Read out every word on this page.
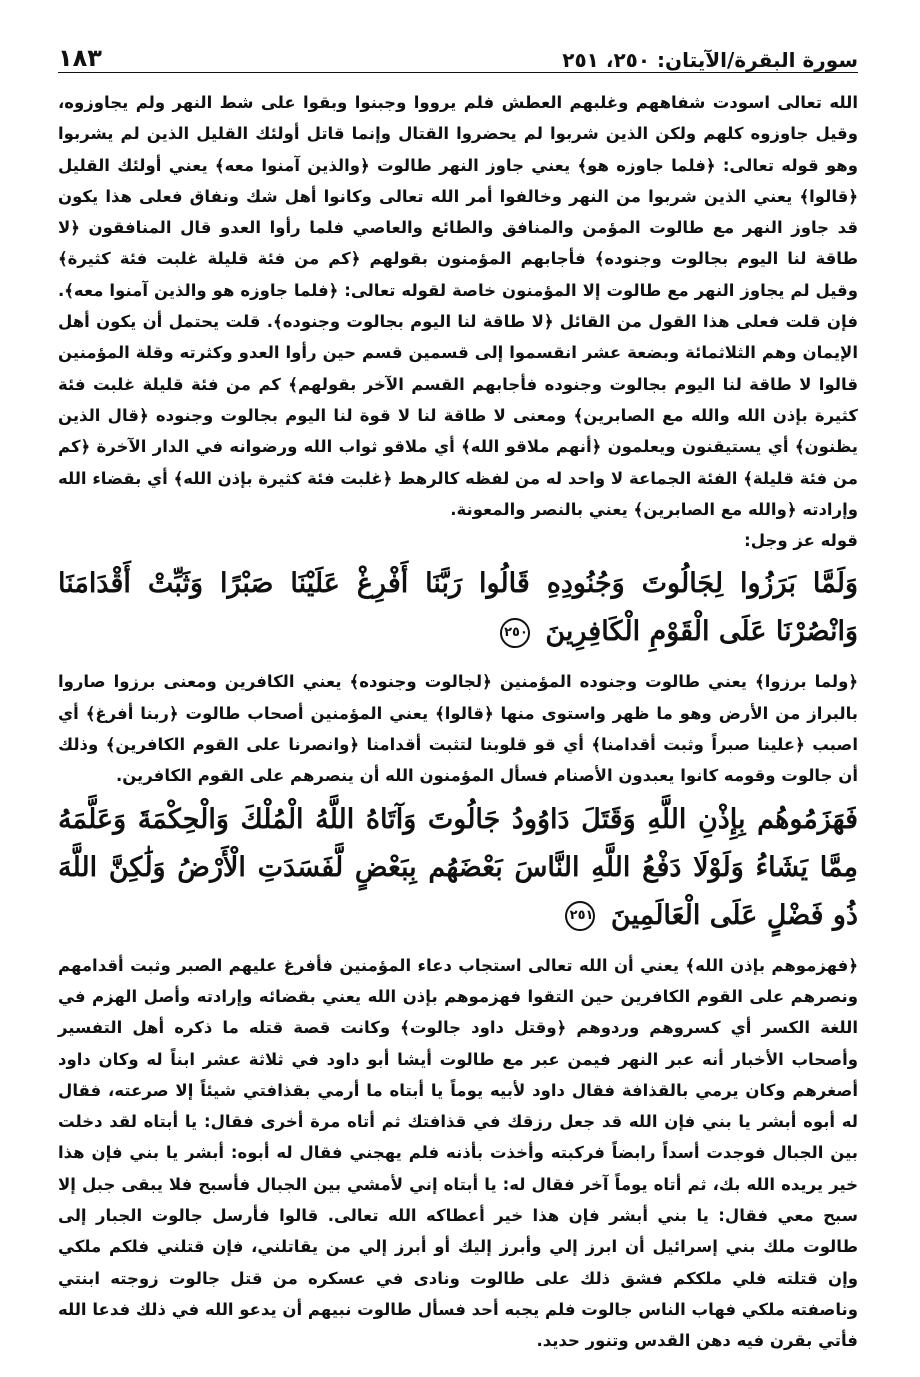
سورة البقرة/الآيتان: ٢٥٠، ٢٥١
١٨٣

الله تعالى اسودت شفاههم وغلبهم العطش فلم يرووا وجبنوا وبقوا على شط النهر ولم يجاوزوه، وقيل جاوزوه كلهم ولكن الذين شربوا لم يحضروا القتال وإنما قاتل أولئك القليل الذين لم يشربوا وهو قوله تعالى: ﴿فلما جاوزه هو﴾ يعني جاوز النهر طالوت ﴿والذين آمنوا معه﴾ يعني أولئك القليل ﴿قالوا﴾ يعني الذين شربوا من النهر وخالفوا أمر الله تعالى وكانوا أهل شك ونفاق فعلى هذا يكون قد جاوز النهر مع طالوت المؤمن والمنافق والطائع والعاصي فلما رأوا العدو قال المنافقون ﴿لا طاقة لنا اليوم بجالوت وجنوده﴾ فأجابهم المؤمنون بقولهم ﴿كم من فئة قليلة غلبت فئة كثيرة﴾ وقيل لم يجاوز النهر مع طالوت إلا المؤمنون خاصة لقوله تعالى: ﴿فلما جاوزه هو والذين آمنوا معه﴾. فإن قلت فعلى هذا القول من القائل ﴿لا طاقة لنا اليوم بجالوت وجنوده﴾. قلت يحتمل أن يكون أهل الإيمان وهم الثلاثمائة وبضعة عشر انقسموا إلى قسمين قسم حين رأوا العدو وكثرته وقلة المؤمنين قالوا لا طاقة لنا اليوم بجالوت وجنوده فأجابهم القسم الآخر بقولهم﴾ كم من فئة قليلة غلبت فئة كثيرة بإذن الله والله مع الصابرين﴾ ومعنى لا طاقة لنا لا قوة لنا اليوم بجالوت وجنوده ﴿قال الذين يظنون﴾ أي يستيقنون ويعلمون ﴿أنهم ملاقو الله﴾ أي ملاقو ثواب الله ورضوانه في الدار الآخرة ﴿كم من فئة قليلة﴾ الفئة الجماعة لا واحد له من لفظه كالرهط ﴿غلبت فئة كثيرة بإذن الله﴾ أي بقضاء الله وإرادته ﴿والله مع الصابرين﴾ يعني بالنصر والمعونة.

قوله عز وجل:

وَلَمَّا بَرَزُوا لِجَالُوتَ وَجُنُودِهِ قَالُوا رَبَّنَا أَفْرِغْ عَلَيْنَا صَبْرًا وَثَبِّتْ أَقْدَامَنَا وَانْصُرْنَا عَلَى الْقَوْمِ الْكَافِرِينَ ٢٥٠

﴿ولما برزوا﴾ يعني طالوت وجنوده المؤمنين ﴿لجالوت وجنوده﴾ يعني الكافرين ومعنى برزوا صاروا بالبراز من الأرض وهو ما ظهر واستوى منها ﴿قالوا﴾ يعني المؤمنين أصحاب طالوت ﴿ربنا أفرغ﴾ أي اصبب ﴿علينا صبراً وثبت أقدامنا﴾ أي قو قلوبنا لتثبت أقدامنا ﴿وانصرنا على القوم الكافرين﴾ وذلك أن جالوت وقومه كانوا يعبدون الأصنام فسأل المؤمنون الله أن ينصرهم على القوم الكافرين.

فَهَزَمُوهُم بِإِذْنِ اللَّهِ وَقَتَلَ دَاوُودُ جَالُوتَ وَآتَاهُ اللَّهُ الْمُلْكَ وَالْحِكْمَةَ وَعَلَّمَهُ مِمَّا يَشَاءُ وَلَوْلَا دَفْعُ اللَّهِ النَّاسَ بَعْضَهُم بِبَعْضٍ لَّفَسَدَتِ الْأَرْضُ وَلَٰكِنَّ اللَّهَ ذُو فَضْلٍ عَلَى الْعَالَمِينَ ٢٥١

﴿فهزموهم بإذن الله﴾ يعني أن الله تعالى استجاب دعاء المؤمنين فأفرغ عليهم الصبر وثبت أقدامهم ونصرهم على القوم الكافرين حين التقوا فهزموهم بإذن الله يعني بقضائه وإرادته وأصل الهزم في اللغة الكسر أي كسروهم وردوهم ﴿وقتل داود جالوت﴾ وكانت قصة قتله ما ذكره أهل التفسير وأصحاب الأخبار أنه عبر النهر فيمن عبر مع طالوت أيشا أبو داود في ثلاثة عشر ابناً له وكان داود أصغرهم وكان يرمي بالقذافة فقال داود لأبيه يوماً يا أبتاه ما أرمي بقذافتي شيئاً إلا صرعته، فقال له أبوه أبشر يا بني فإن الله قد جعل رزقك في قذافتك ثم أتاه مرة أخرى فقال: يا أبتاه لقد دخلت بين الجبال فوجدت أسداً رابضاً فركبته وأخذت بأذنه فلم يهجني فقال له أبوه: أبشر يا بني فإن هذا خير يريده الله بك، ثم أتاه يوماً آخر فقال له: يا أبتاه إني لأمشي بين الجبال فأسبح فلا يبقى جبل إلا سبح معي فقال: يا بني أبشر فإن هذا خير أعطاكه الله تعالى. قالوا فأرسل جالوت الجبار إلى طالوت ملك بني إسرائيل أن ابرز إلي وأبرز إليك أو أبرز إلي من يقاتلني، فإن قتلني فلكم ملكي وإن قتلته فلي ملككم فشق ذلك على طالوت ونادى في عسكره من قتل جالوت زوجته ابنتي وناصفته ملكي فهاب الناس جالوت فلم يجبه أحد فسأل طالوت نبيهم أن يدعو الله في ذلك فدعا الله فأتي بقرن فيه دهن القدس وتنور حديد.
